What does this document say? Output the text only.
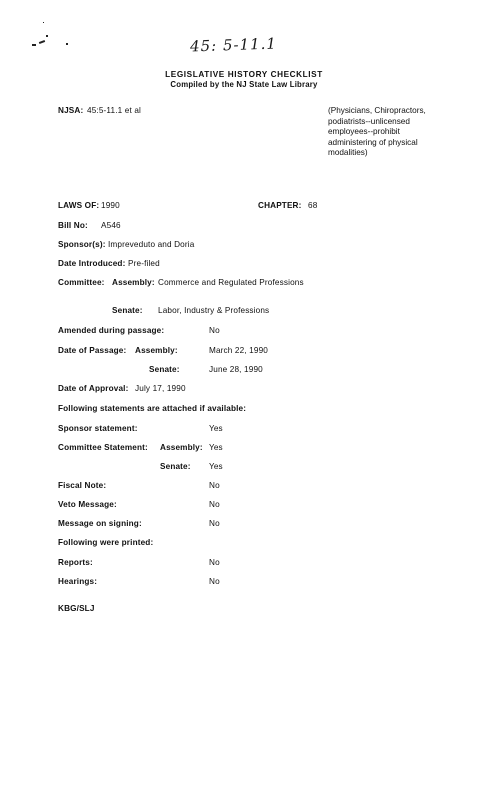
45: 5-11.1
LEGISLATIVE HISTORY CHECKLIST
Compiled by the NJ State Law Library
NJSA: 45:5-11.1 et al	(Physicians, Chiropractors, podiatrists--unlicensed employees--prohibit administering of physical modalities)
LAWS OF: 1990	CHAPTER: 68
Bill No: A546
Sponsor(s): Impreveduto and Doria
Date Introduced: Pre-filed
Committee: Assembly: Commerce and Regulated Professions
Senate: Labor, Industry & Professions
Amended during passage:	No
Date of Passage: Assembly:	March 22, 1990
Senate:	June 28, 1990
Date of Approval: July 17, 1990
Following statements are attached if available:
Sponsor statement:	Yes
Committee Statement: Assembly: Yes
Senate: Yes
Fiscal Note:	No
Veto Message:	No
Message on signing:	No
Following were printed:
Reports:	No
Hearings:	No
KBG/SLJ
